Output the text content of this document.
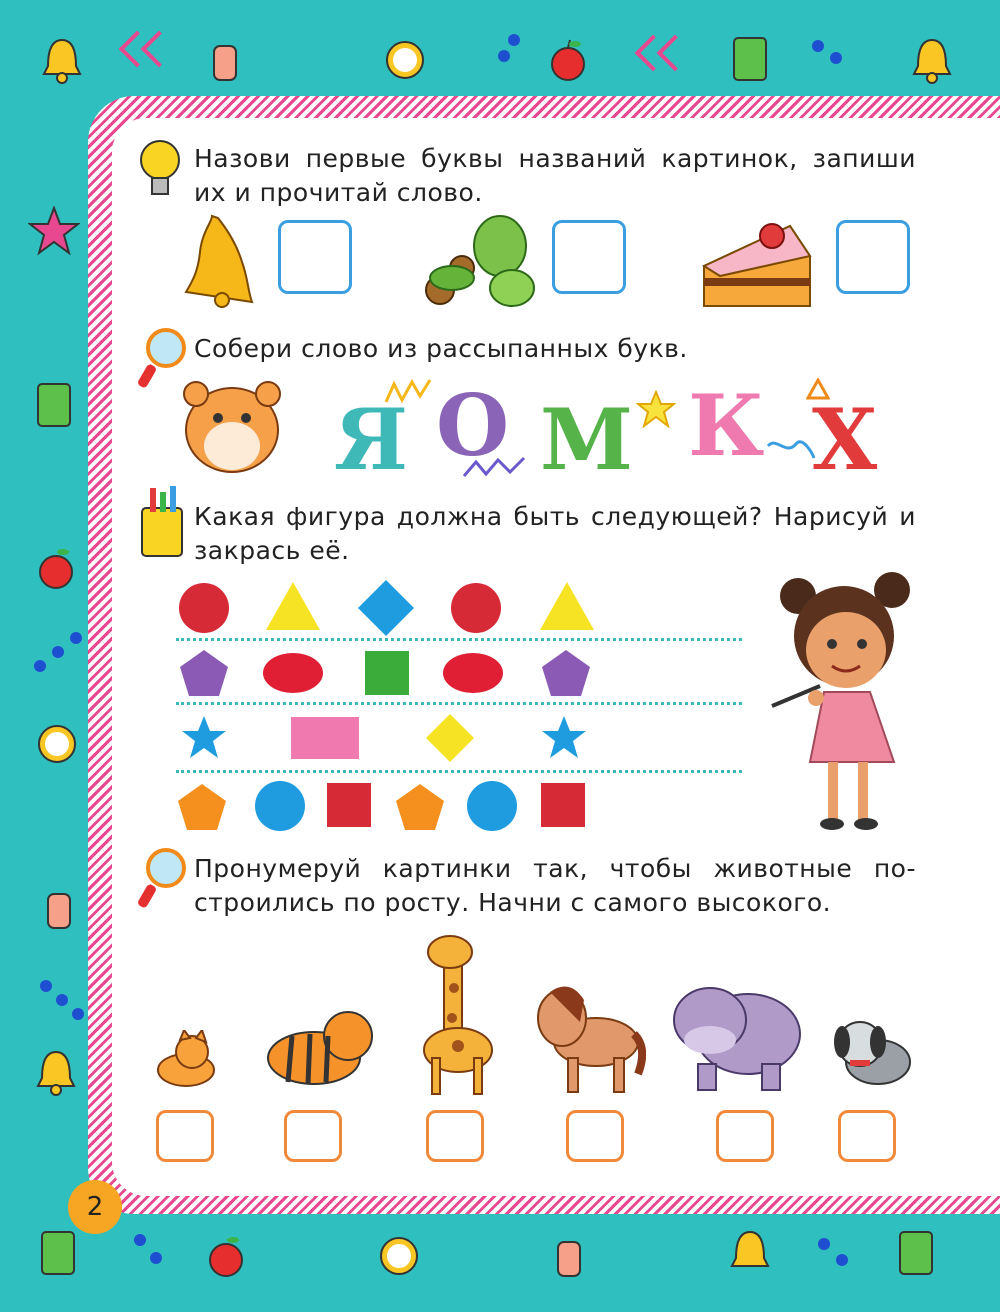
Назови первые буквы названий картинок, запиши их и прочитай слово.
Собери слово из рассыпанных букв.
Я О М К Х
Какая фигура должна быть следующей? Нарисуй и закрась её.
Пронумеруй картинки так, чтобы животные по-строились по росту. Начни с самого высокого.
2
